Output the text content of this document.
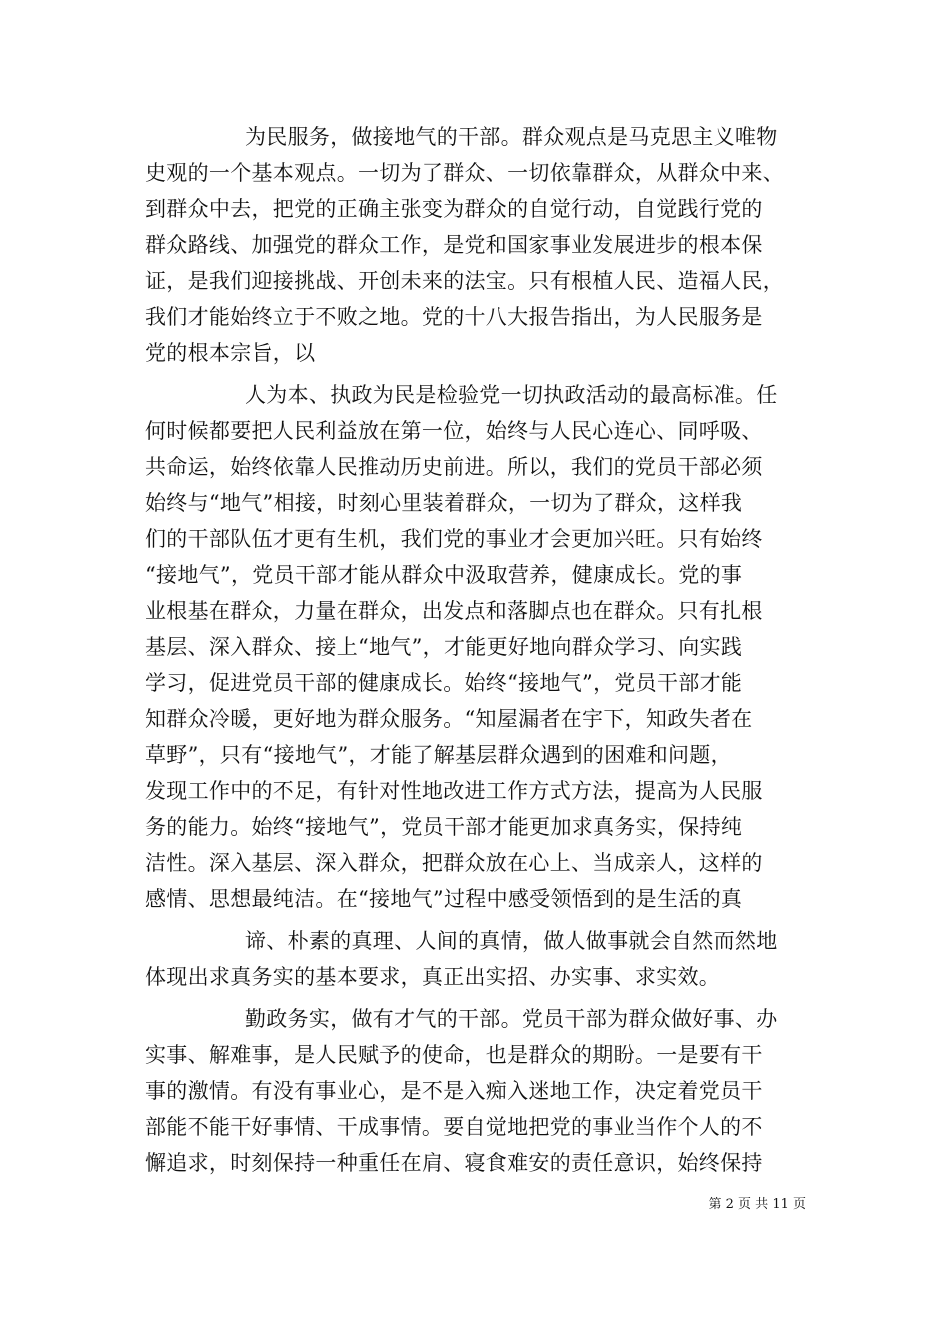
为民服务，做接地气的干部。群众观点是马克思主义唯物
史观的一个基本观点。一切为了群众、一切依靠群众，从群众中来、
到群众中去，把党的正确主张变为群众的自觉行动，自觉践行党的
群众路线、加强党的群众工作，是党和国家事业发展进步的根本保
证，是我们迎接挑战、开创未来的法宝。只有根植人民、造福人民，
我们才能始终立于不败之地。党的十八大报告指出，为人民服务是
党的根本宗旨，以
人为本、执政为民是检验党一切执政活动的最高标准。任
何时候都要把人民利益放在第一位，始终与人民心连心、同呼吸、
共命运，始终依靠人民推动历史前进。所以，我们的党员干部必须
始终与“地气”相接，时刻心里装着群众，一切为了群众，这样我
们的干部队伍才更有生机，我们党的事业才会更加兴旺。只有始终
“接地气”，党员干部才能从群众中汲取营养，健康成长。党的事
业根基在群众，力量在群众，出发点和落脚点也在群众。只有扎根
基层、深入群众、接上“地气”，才能更好地向群众学习、向实践
学习，促进党员干部的健康成长。始终“接地气”，党员干部才能
知群众冷暖，更好地为群众服务。“知屋漏者在宇下，知政失者在
草野”，只有“接地气”，才能了解基层群众遇到的困难和问题，
发现工作中的不足，有针对性地改进工作方式方法，提高为人民服
务的能力。始终“接地气”，党员干部才能更加求真务实，保持纯
洁性。深入基层、深入群众，把群众放在心上、当成亲人，这样的
感情、思想最纯洁。在“接地气”过程中感受领悟到的是生活的真
谛、朴素的真理、人间的真情，做人做事就会自然而然地
体现出求真务实的基本要求，真正出实招、办实事、求实效。
勤政务实，做有才气的干部。党员干部为群众做好事、办
实事、解难事，是人民赋予的使命，也是群众的期盼。一是要有干
事的激情。有没有事业心，是不是入痴入迷地工作，决定着党员干
部能不能干好事情、干成事情。要自觉地把党的事业当作个人的不
懈追求，时刻保持一种重任在肩、寝食难安的责任意识，始终保持
第 2 页 共 11 页
